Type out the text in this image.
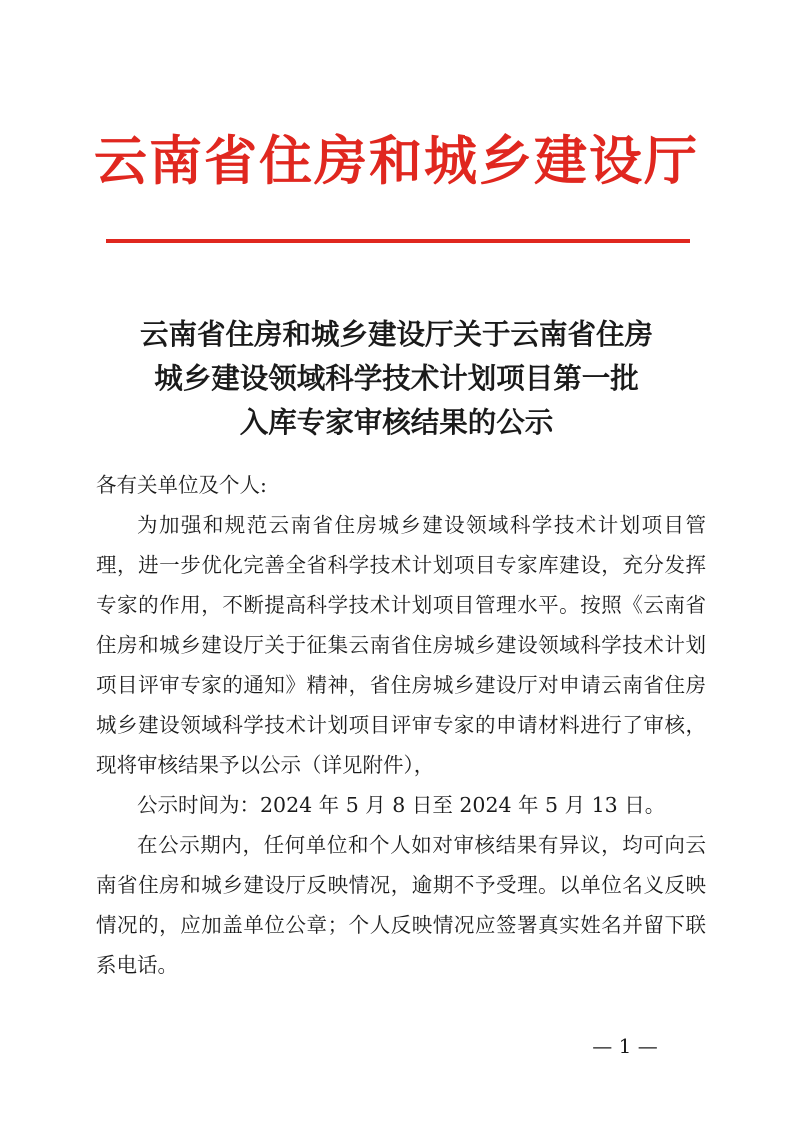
云南省住房和城乡建设厅
云南省住房和城乡建设厅关于云南省住房
城乡建设领域科学技术计划项目第一批
入库专家审核结果的公示

各有关单位及个人:

为加强和规范云南省住房城乡建设领域科学技术计划项目管理，进一步优化完善全省科学技术计划项目专家库建设，充分发挥专家的作用，不断提高科学技术计划项目管理水平。按照《云南省住房和城乡建设厅关于征集云南省住房城乡建设领域科学技术计划项目评审专家的通知》精神，省住房城乡建设厅对申请云南省住房城乡建设领域科学技术计划项目评审专家的申请材料进行了审核，现将审核结果予以公示（详见附件），

公示时间为：2024 年 5 月 8 日至 2024 年 5 月 13 日。

在公示期内，任何单位和个人如对审核结果有异议，均可向云南省住房和城乡建设厅反映情况，逾期不予受理。以单位名义反映情况的，应加盖单位公章；个人反映情况应签署真实姓名并留下联系电话。

— 1 —
